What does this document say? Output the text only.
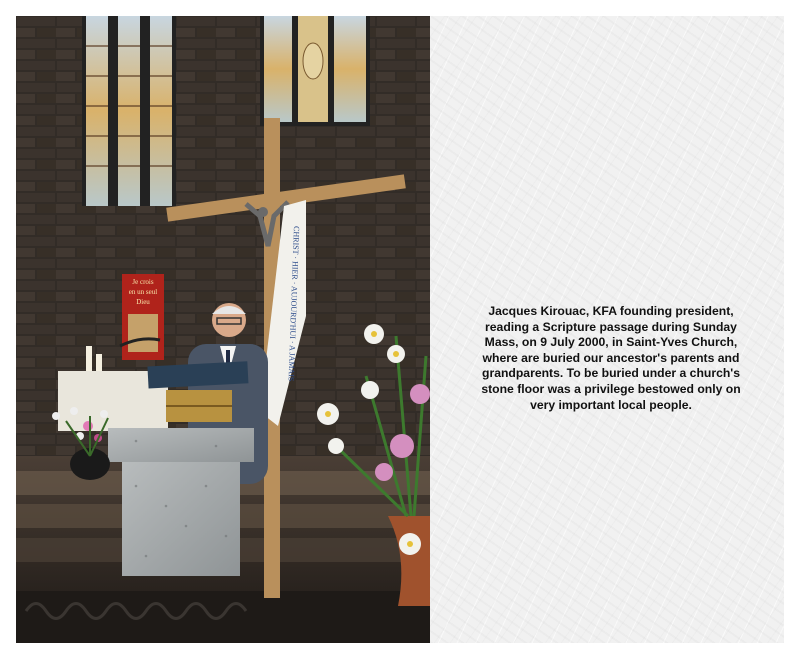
Je crois
en un seul
Dieu	CHRIST · HIER · AUJOURD'HUI · A JAMAIS	Jacques Kirouac, KFA founding president,
reading a Scripture passage during Sunday
Mass, on 9 July 2000, in Saint-Yves Church,
where are buried our ancestor's parents and
grandparents. To be buried under a church's
stone floor was a privilege bestowed only on
very important local people.
